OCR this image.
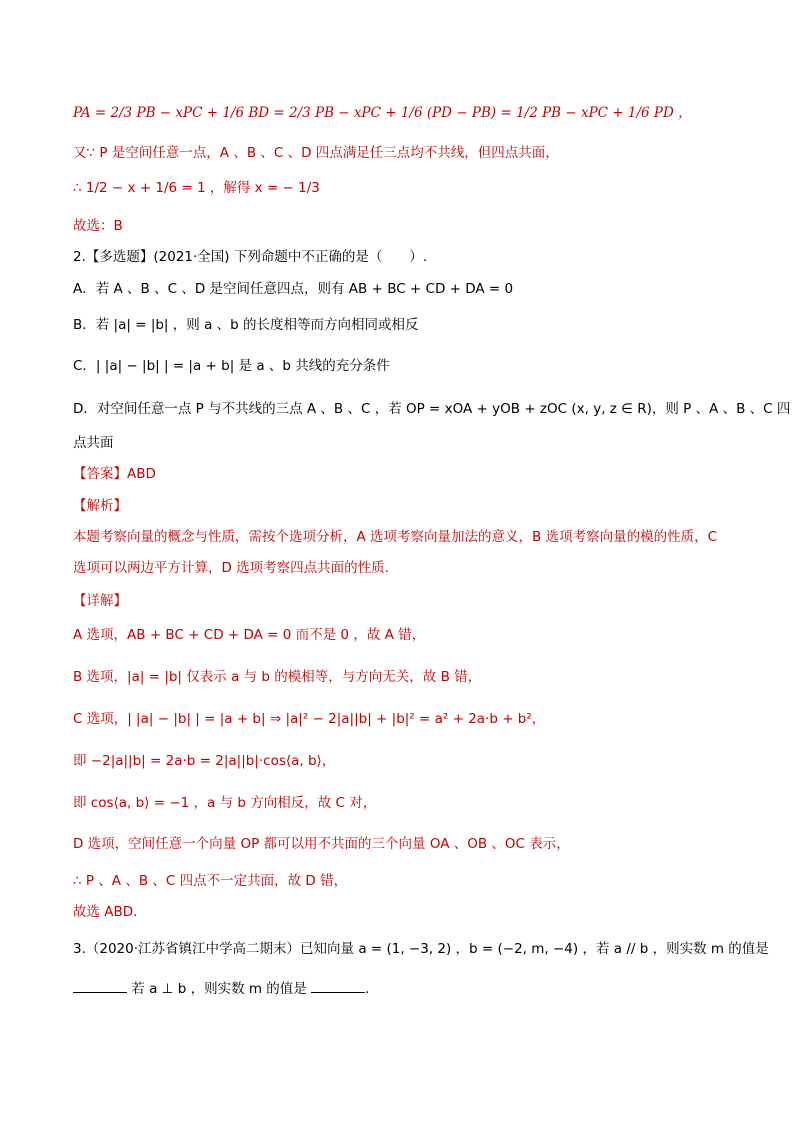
PA = 2/3 PB − xPC + 1/6 BD = 2/3 PB − xPC + 1/6 (PD − PB) = 1/2 PB − xPC + 1/6 PD ，
又∵ P 是空间任意一点，A 、B 、C 、D 四点满足任三点均不共线，但四点共面，
∴ 1/2 − x + 1/6 = 1 ，解得 x = − 1/3
故选：B
2.【多选题】(2021·全国) 下列命题中不正确的是（　　）.
A．若 A 、B 、C 、D 是空间任意四点，则有 AB + BC + CD + DA = 0
B．若 |a| = |b| ，则 a 、b 的长度相等而方向相同或相反
C．| |a| − |b| | = |a + b| 是 a 、b 共线的充分条件
D．对空间任意一点 P 与不共线的三点 A 、B 、C ，若 OP = xOA + yOB + zOC (x, y, z ∈ R)，则 P 、A 、B 、C 四
点共面
【答案】ABD
【解析】
本题考察向量的概念与性质，需按个选项分析，A 选项考察向量加法的意义，B 选项考察向量的模的性质，C
选项可以两边平方计算，D 选项考察四点共面的性质.
【详解】
A 选项，AB + BC + CD + DA = 0 而不是 0 ，故 A 错，
B 选项，|a| = |b| 仅表示 a 与 b 的模相等，与方向无关，故 B 错，
C 选项，| |a| − |b| | = |a + b| ⇒ |a|² − 2|a||b| + |b|² = a² + 2a·b + b²，
即 −2|a||b| = 2a·b = 2|a||b|·cos⟨a, b⟩，
即 cos⟨a, b⟩ = −1 ，a 与 b 方向相反，故 C 对，
D 选项，空间任意一个向量 OP 都可以用不共面的三个向量 OA 、OB 、OC 表示，
∴ P 、A 、B 、C 四点不一定共面，故 D 错，
故选 ABD.
3.（2020·江苏省镇江中学高二期末）已知向量 a = (1, −3, 2) ，b = (−2, m, −4) ，若 a // b ，则实数 m 的值是
若 a ⊥ b ，则实数 m 的值是	.
